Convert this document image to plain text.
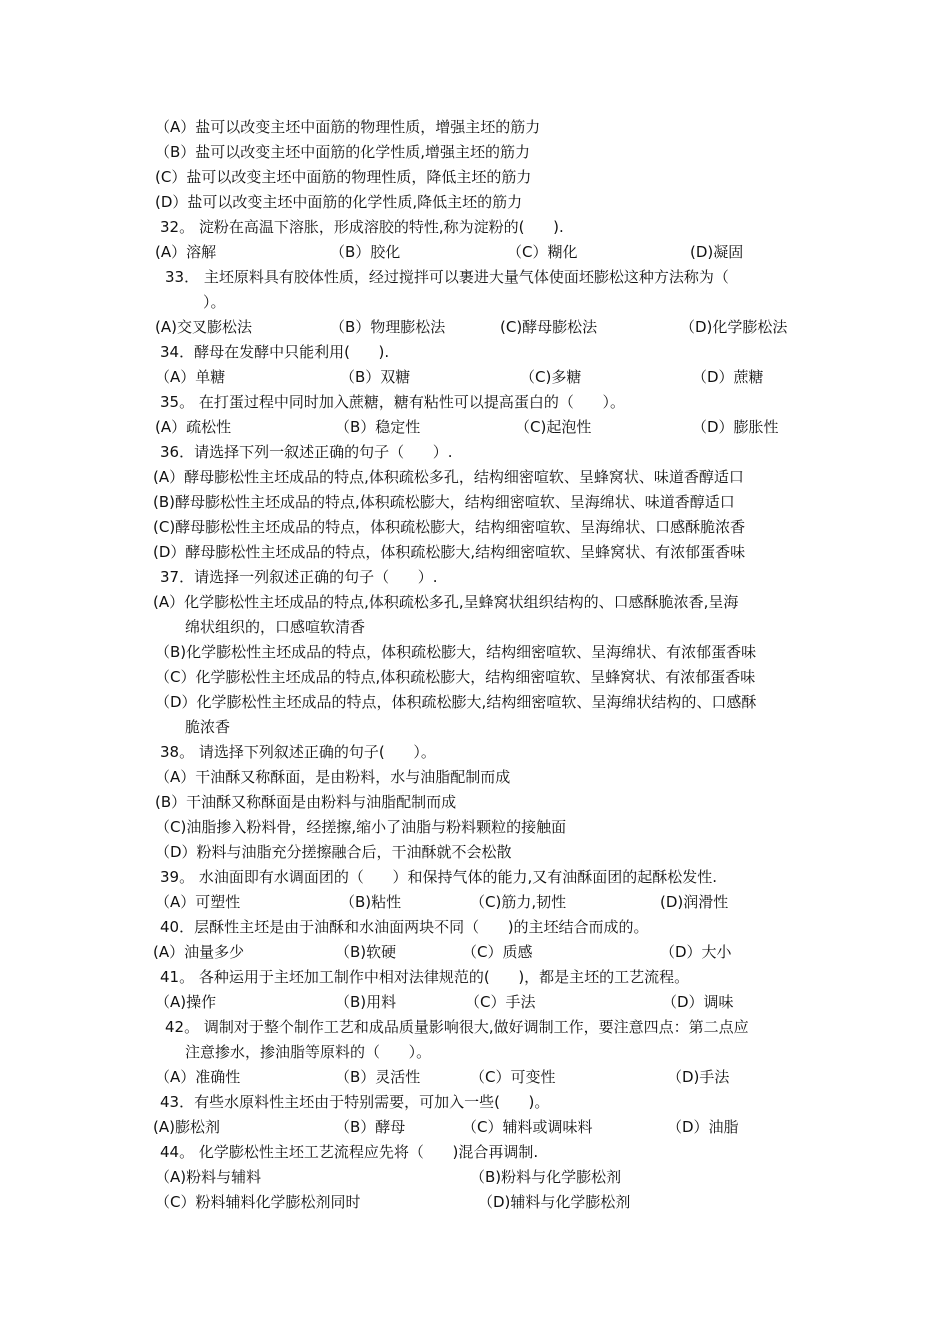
（A）盐可以改变主坯中面筋的物理性质，增强主坯的筋力
（B）盐可以改变主坯中面筋的化学性质,增强主坯的筋力
(C）盐可以改变主坯中面筋的物理性质，降低主坯的筋力
(D）盐可以改变主坯中面筋的化学性质,降低主坯的筋力
32。 淀粉在高温下溶胀，形成溶胶的特性,称为淀粉的(      ).
(A）溶解	（B）胶化	（C）糊化	(D)凝固
33． 主坯原料具有胶体性质，经过搅拌可以裹进大量气体使面坯膨松这种方法称为（
）。
(A)交叉膨松法	（B）物理膨松法	(C)酵母膨松法	（D)化学膨松法
34．酵母在发酵中只能利用(      ).
（A）单糖	（B）双糖	（C)多糖	（D）蔗糖
35。 在打蛋过程中同时加入蔗糖，糖有粘性可以提高蛋白的（      ）。
(A）疏松性	（B）稳定性	（C)起泡性	（D）膨胀性
36．请选择下列一叙述正确的句子（      ）.
(A）酵母膨松性主坯成品的特点,体积疏松多孔，结构细密喧软、呈蜂窝状、味道香醇适口
(B)酵母膨松性主坯成品的特点,体积疏松膨大，结构细密喧软、呈海绵状、味道香醇适口
(C)酵母膨松性主坯成品的特点，体积疏松膨大，结构细密喧软、呈海绵状、口感酥脆浓香
(D）酵母膨松性主坯成品的特点，体积疏松膨大,结构细密喧软、呈蜂窝状、有浓郁蛋香味
37．请选择一列叙述正确的句子（      ）.
(A）化学膨松性主坯成品的特点,体积疏松多孔,呈蜂窝状组织结构的、口感酥脆浓香,呈海
绵状组织的，口感喧软清香
（B)化学膨松性主坯成品的特点，体积疏松膨大，结构细密喧软、呈海绵状、有浓郁蛋香味
（C）化学膨松性主坯成品的特点,体积疏松膨大，结构细密喧软、呈蜂窝状、有浓郁蛋香味
（D）化学膨松性主坯成品的特点，体积疏松膨大,结构细密喧软、呈海绵状结构的、口感酥
脆浓香
38。 请选择下列叙述正确的句子(      ）。
（A）干油酥又称酥面，是由粉料，水与油脂配制而成
(B）干油酥又称酥面是由粉料与油脂配制而成
（C)油脂掺入粉料骨，经搓擦,缩小了油脂与粉料颗粒的接触面
（D）粉料与油脂充分搓擦融合后，干油酥就不会松散
39。 水油面即有水调面团的（      ）和保持气体的能力,又有油酥面团的起酥松发性.
（A）可塑性	（B)粘性	（C)筋力,韧性	(D)润滑性
40．层酥性主坯是由于油酥和水油面两块不同（      )的主坯结合而成的。
(A）油量多少	（B)软硬	（C）质感	（D）大小
41。 各种运用于主坯加工制作中相对法律规范的(      )，都是主坯的工艺流程。
（A)操作	（B)用料	（C）手法	（D）调味
42。 调制对于整个制作工艺和成品质量影响很大,做好调制工作，要注意四点：第二点应
注意掺水，掺油脂等原料的（      ）。
（A）准确性	（B）灵活性	（C）可变性	（D)手法
43．有些水原料性主坯由于特别需要，可加入一些(      )。
(A)膨松剂	（B）酵母	（C）辅料或调味料	（D）油脂
44。 化学膨松性主坯工艺流程应先将（      )混合再调制.
（A)粉料与辅料	（B)粉料与化学膨松剂
（C）粉料辅料化学膨松剂同时	（D)辅料与化学膨松剂
